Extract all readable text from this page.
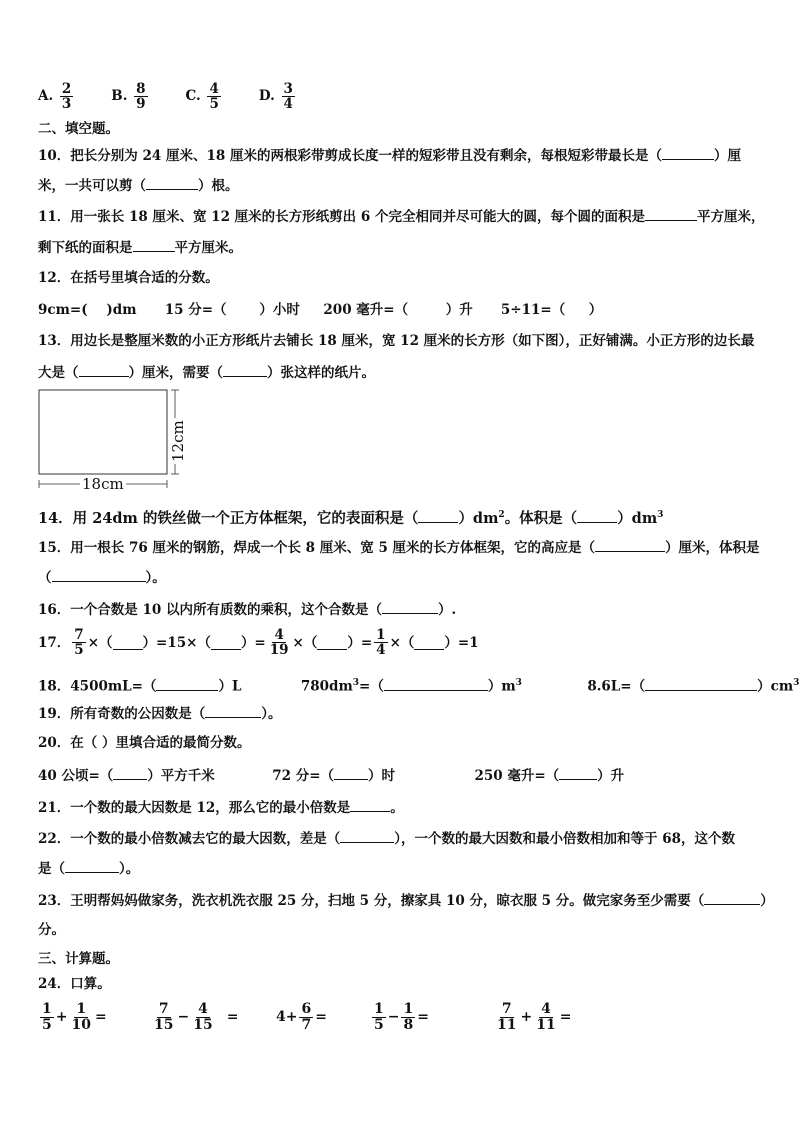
A. $\frac{2}{3}$	B. $\frac{8}{9}$	C. $\frac{4}{5}$	D. $\frac{3}{4}$
二、填空题。
10．把长分别为 24 厘米、18 厘米的两根彩带剪成长度一样的短彩带且没有剩余，每根短彩带最长是（	）厘
米，一共可以剪（	）根。
11．用一张长 18 厘米、宽 12 厘米的长方形纸剪出 6 个完全相同并尽可能大的圆，每个圆的面积是	平方厘米，
剩下纸的面积是	平方厘米。
12．在括号里填合适的分数。
9cm=(    )dm      15 分=（       ）小时     200 毫升=（        ）升      5÷11=（     ）
13．用边长是整厘米数的小正方形纸片去铺长 18 厘米，宽 12 厘米的长方形（如下图），正好铺满。小正方形的边长最
大是（	）厘米，需要（	）张这样的纸片。
12cm
18cm
14．用 24dm 的铁丝做一个正方体框架，它的表面积是（	）$dm^2$。体积是（	）$dm^3$
15．用一根长 76 厘米的钢筋，焊成一个长 8 厘米、宽 5 厘米的长方体框架，它的高应是（	）厘米，体积是
（	）。
16．一个合数是 10 以内所有质数的乘积，这个合数是（	）.
17． $\frac{7}{5}$ ×（ ）=15×（ ）= $\frac{4}{19}$ ×（ ）= $\frac{1}{4}$ ×（ ）=1
18．4500mL=（	）L	$780dm^3=$（	）$m^3$	8.6L=（	）$cm^3$
19．所有奇数的公因数是（	）。
20．在（ ）里填合适的最简分数。
40 公顷=（	）平方千米	72 分=（	）时	250 毫升=（	）升
21．一个数的最大因数是 12，那么它的最小倍数是	。
22．一个数的最小倍数减去它的最大因数，差是（	），一个数的最大因数和最小倍数相加和等于 68，这个数
是（	）。
23．王明帮妈妈做家务，洗衣机洗衣服 25 分，扫地 5 分，擦家具 10 分，晾衣服 5 分。做完家务至少需要（	）
分。
三、计算题。
24．口算。
$\frac{1}{5} + \frac{1}{10}$ =	$\frac{7}{15} - \frac{4}{15}$ =	$4 + \frac{6}{7}$ =	$\frac{1}{5} - \frac{1}{8}$ =	$\frac{7}{11} + \frac{4}{11}$ =
